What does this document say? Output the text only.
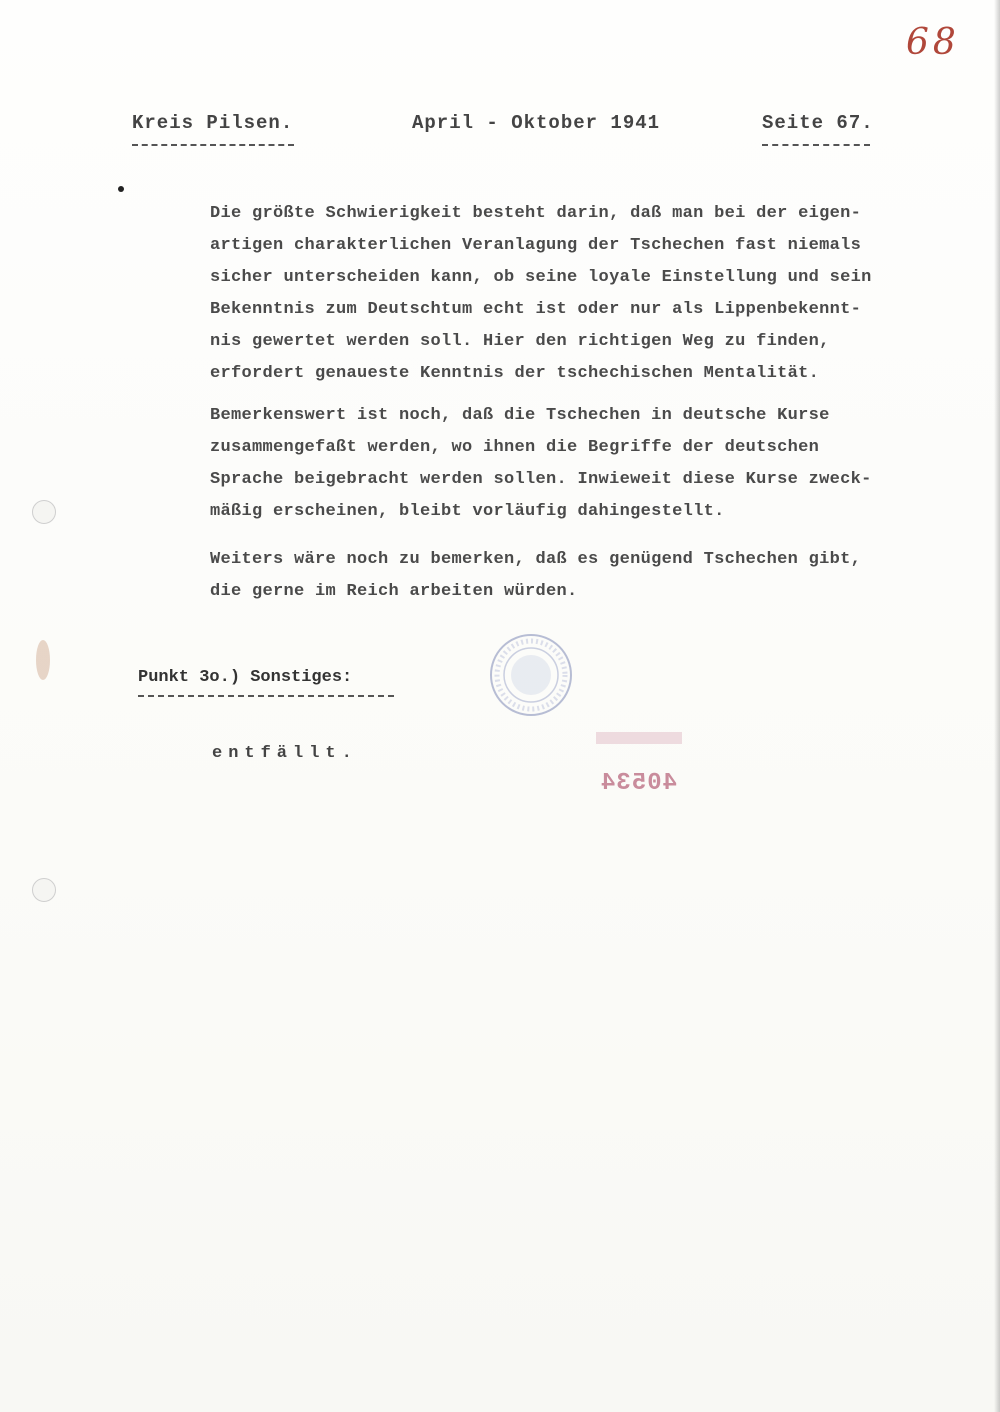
68
Kreis Pilsen.	April - Oktober 1941	Seite 67.
Die größte Schwierigkeit besteht darin, daß man bei der eigen-
artigen charakterlichen Veranlagung der Tschechen fast niemals
sicher unterscheiden kann, ob seine loyale Einstellung und sein
Bekenntnis zum Deutschtum echt ist oder nur als Lippenbekennt-
nis gewertet werden soll. Hier den richtigen Weg zu finden,
erfordert genaueste Kenntnis der tschechischen Mentalität.
Bemerkenswert ist noch, daß die Tschechen in deutsche Kurse
zusammengefaßt werden, wo ihnen die Begriffe der deutschen
Sprache beigebracht werden sollen. Inwieweit diese Kurse zweck-
mäßig erscheinen, bleibt vorläufig dahingestellt.
Weiters wäre noch zu bemerken, daß es genügend Tschechen gibt,
die gerne im Reich arbeiten würden.
Punkt 3o.) Sonstiges:
entfällt.
40534
